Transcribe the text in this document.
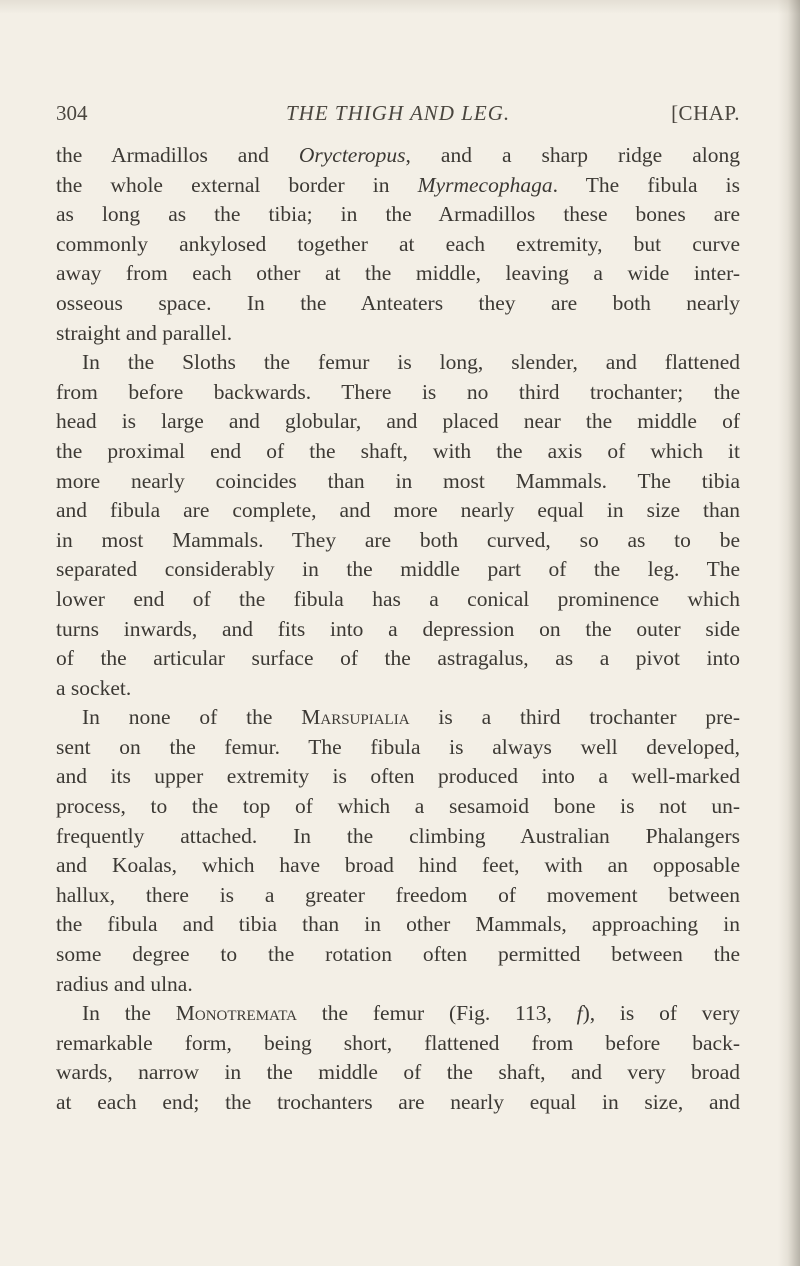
304	THE THIGH AND LEG.	[CHAP.
the Armadillos and Orycteropus, and a sharp ridge along
the whole external border in Myrmecophaga. The fibula is
as long as the tibia; in the Armadillos these bones are
commonly ankylosed together at each extremity, but curve
away from each other at the middle, leaving a wide inter-
osseous space. In the Anteaters they are both nearly
straight and parallel.
In the Sloths the femur is long, slender, and flattened
from before backwards. There is no third trochanter; the
head is large and globular, and placed near the middle of
the proximal end of the shaft, with the axis of which it
more nearly coincides than in most Mammals. The tibia
and fibula are complete, and more nearly equal in size than
in most Mammals. They are both curved, so as to be
separated considerably in the middle part of the leg. The
lower end of the fibula has a conical prominence which
turns inwards, and fits into a depression on the outer side
of the articular surface of the astragalus, as a pivot into
a socket.
In none of the Marsupialia is a third trochanter pre-
sent on the femur. The fibula is always well developed,
and its upper extremity is often produced into a well-marked
process, to the top of which a sesamoid bone is not un-
frequently attached. In the climbing Australian Phalangers
and Koalas, which have broad hind feet, with an opposable
hallux, there is a greater freedom of movement between
the fibula and tibia than in other Mammals, approaching in
some degree to the rotation often permitted between the
radius and ulna.
In the Monotremata the femur (Fig. 113, f), is of very
remarkable form, being short, flattened from before back-
wards, narrow in the middle of the shaft, and very broad
at each end; the trochanters are nearly equal in size, and
